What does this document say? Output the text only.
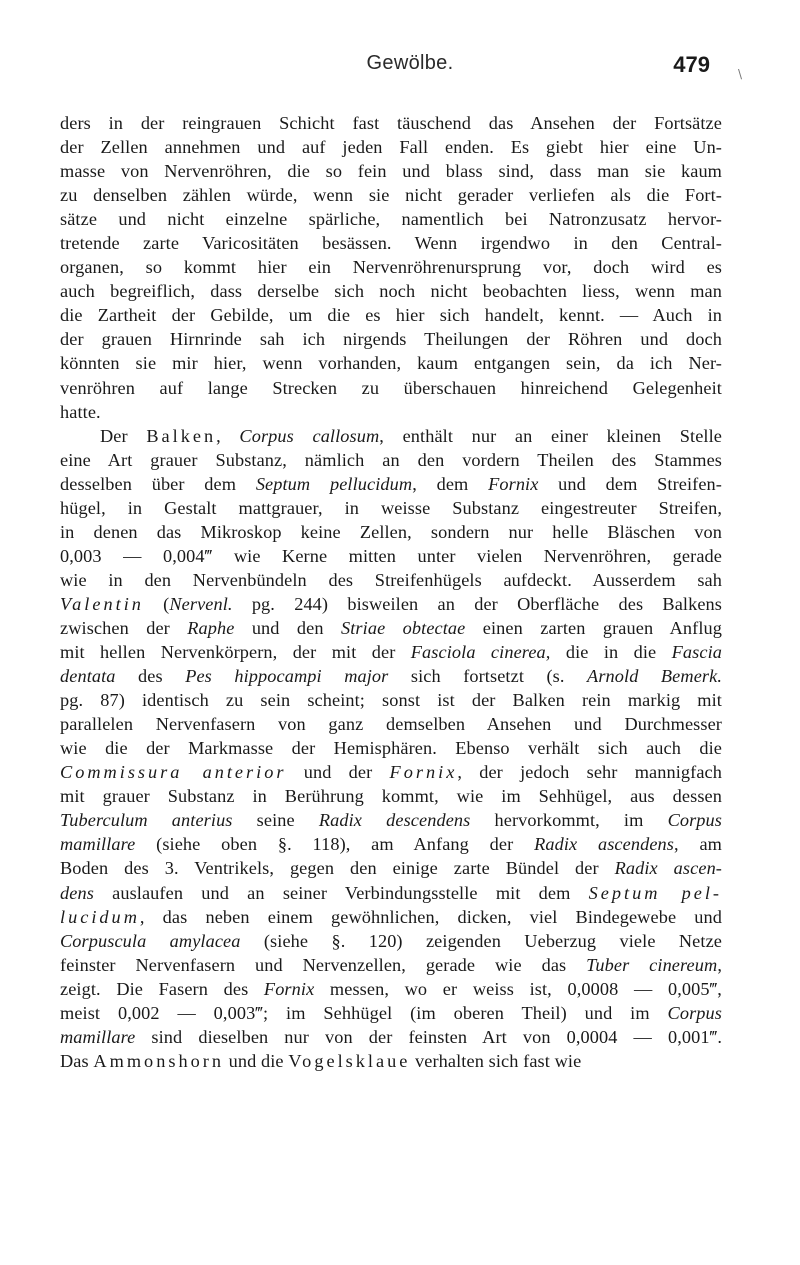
Gewölbe.	479 \
ders in der reingrauen Schicht fast täuschend das Ansehen der Fortsätze
der Zellen annehmen und auf jeden Fall enden. Es giebt hier eine Un-
masse von Nervenröhren, die so fein und blass sind, dass man sie kaum
zu denselben zählen würde, wenn sie nicht gerader verliefen als die Fort-
sätze und nicht einzelne spärliche, namentlich bei Natronzusatz hervor-
tretende zarte Varicositäten besässen. Wenn irgendwo in den Central-
organen, so kommt hier ein Nervenröhrenursprung vor, doch wird es
auch begreiflich, dass derselbe sich noch nicht beobachten liess, wenn man
die Zartheit der Gebilde, um die es hier sich handelt, kennt. — Auch in
der grauen Hirnrinde sah ich nirgends Theilungen der Röhren und doch
könnten sie mir hier, wenn vorhanden, kaum entgangen sein, da ich Ner-
venröhren auf lange Strecken zu überschauen hinreichend Gelegenheit
hatte.
Der Balken, Corpus callosum, enthält nur an einer kleinen Stelle
eine Art grauer Substanz, nämlich an den vordern Theilen des Stammes
desselben über dem Septum pellucidum, dem Fornix und dem Streifen-
hügel, in Gestalt mattgrauer, in weisse Substanz eingestreuter Streifen,
in denen das Mikroskop keine Zellen, sondern nur helle Bläschen von
0,003 — 0,004‴ wie Kerne mitten unter vielen Nervenröhren, gerade
wie in den Nervenbündeln des Streifenhügels aufdeckt. Ausserdem sah
Valentin (Nervenl. pg. 244) bisweilen an der Oberfläche des Balkens
zwischen der Raphe und den Striae obtectae einen zarten grauen Anflug
mit hellen Nervenkörpern, der mit der Fasciola cinerea, die in die Fascia
dentata des Pes hippocampi major sich fortsetzt (s. Arnold Bemerk.
pg. 87) identisch zu sein scheint; sonst ist der Balken rein markig mit
parallelen Nervenfasern von ganz demselben Ansehen und Durchmesser
wie die der Markmasse der Hemisphären. Ebenso verhält sich auch die
Commissura anterior und der Fornix, der jedoch sehr mannigfach
mit grauer Substanz in Berührung kommt, wie im Sehhügel, aus dessen
Tuberculum anterius seine Radix descendens hervorkommt, im Corpus
mamillare (siehe oben §. 118), am Anfang der Radix ascendens, am
Boden des 3. Ventrikels, gegen den einige zarte Bündel der Radix ascen-
dens auslaufen und an seiner Verbindungsstelle mit dem Septum pel-
lucidum, das neben einem gewöhnlichen, dicken, viel Bindegewebe und
Corpuscula amylacea (siehe §. 120) zeigenden Ueberzug viele Netze
feinster Nervenfasern und Nervenzellen, gerade wie das Tuber cinereum,
zeigt. Die Fasern des Fornix messen, wo er weiss ist, 0,0008 — 0,005‴,
meist 0,002 — 0,003‴; im Sehhügel (im oberen Theil) und im Corpus
mamillare sind dieselben nur von der feinsten Art von 0,0004 — 0,001‴.
Das Ammonshorn und die Vogelsklaue verhalten sich fast wie
